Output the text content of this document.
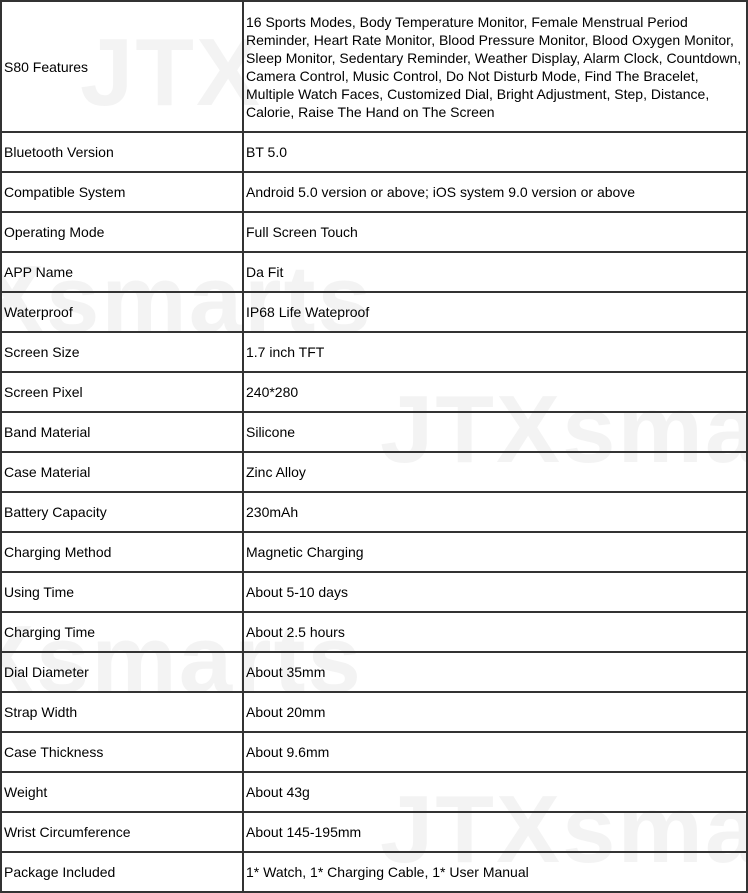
S80 Features	16 Sports Modes, Body Temperature Monitor, Female Menstrual Period Reminder, Heart Rate Monitor, Blood Pressure Monitor, Blood Oxygen Monitor, Sleep Monitor, Sedentary Reminder, Weather Display, Alarm Clock, Countdown, Camera Control, Music Control, Do Not Disturb Mode, Find The Bracelet, Multiple Watch Faces, Customized Dial, Bright Adjustment, Step, Distance, Calorie, Raise The Hand on The Screen
Bluetooth Version	BT 5.0
Compatible System	Android 5.0 version or above; iOS system 9.0 version or above
Operating Mode	Full Screen Touch
APP Name	Da Fit
Waterproof	IP68 Life Wateproof
Screen Size	1.7 inch TFT
Screen Pixel	240*280
Band Material	Silicone
Case Material	Zinc Alloy
Battery Capacity	230mAh
Charging Method	Magnetic Charging
Using Time	About 5-10 days
Charging Time	About 2.5 hours
Dial Diameter	About 35mm
Strap Width	About 20mm
Case Thickness	About 9.6mm
Weight	About 43g
Wrist Circumference	About 145-195mm
Package Included	1* Watch, 1* Charging Cable, 1* User Manual
